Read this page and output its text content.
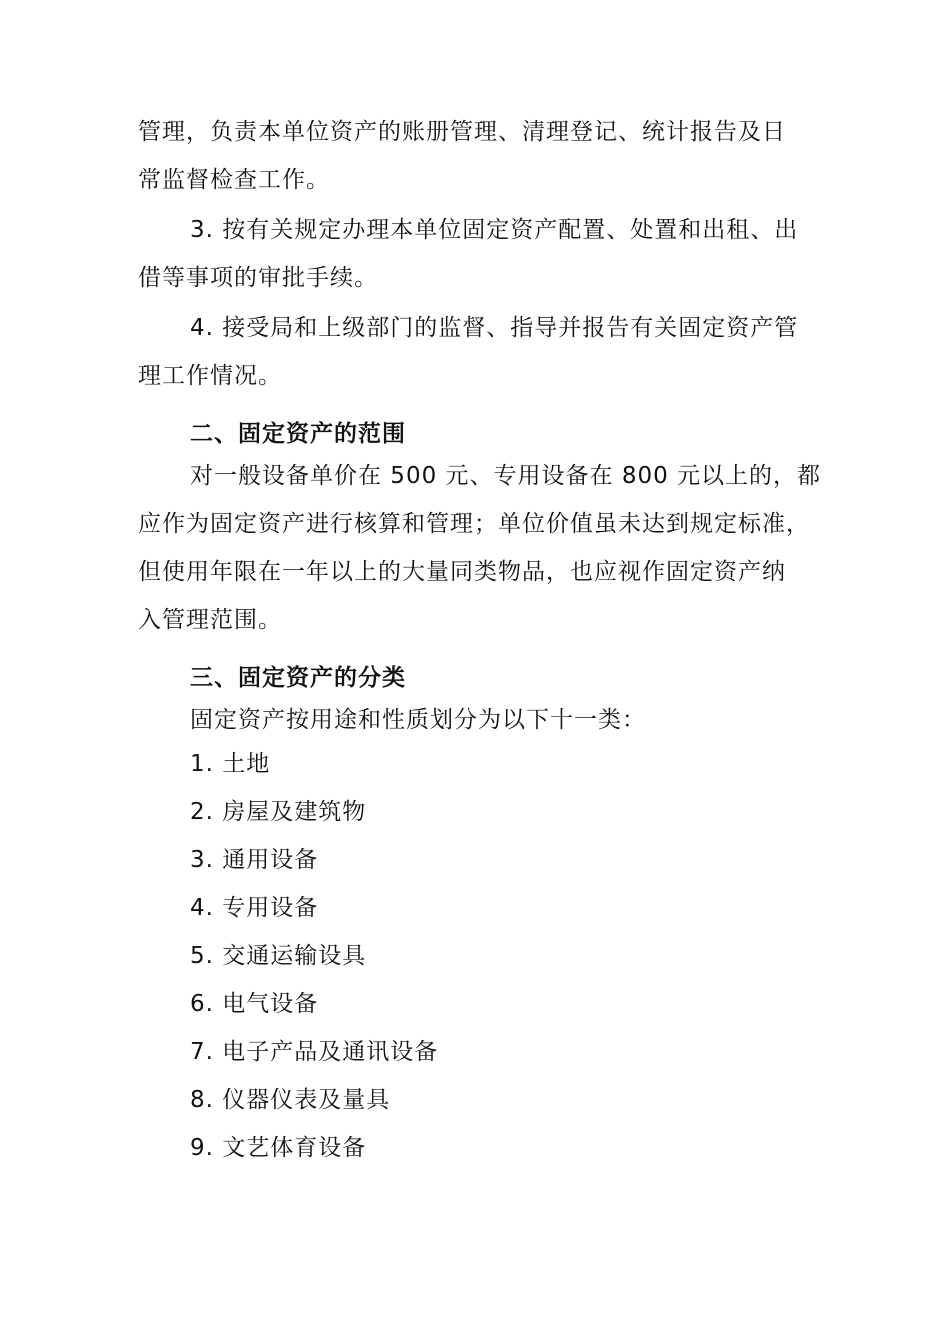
管理，负责本单位资产的账册管理、清理登记、统计报告及日

常监督检查工作。

3. 按有关规定办理本单位固定资产配置、处置和出租、出

借等事项的审批手续。

4. 接受局和上级部门的监督、指导并报告有关固定资产管

理工作情况。

二、固定资产的范围

对一般设备单价在 500 元、专用设备在 800 元以上的，都

应作为固定资产进行核算和管理；单位价值虽未达到规定标准，

但使用年限在一年以上的大量同类物品，也应视作固定资产纳

入管理范围。

三、固定资产的分类

固定资产按用途和性质划分为以下十一类：

1. 土地

2. 房屋及建筑物

3. 通用设备

4. 专用设备

5. 交通运输设具

6. 电气设备

7. 电子产品及通讯设备

8. 仪器仪表及量具

9. 文艺体育设备
